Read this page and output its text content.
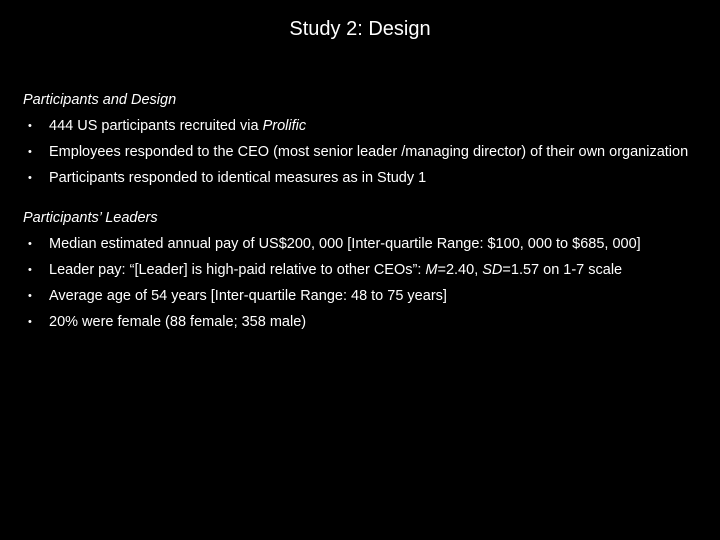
Study 2: Design
Participants and Design
• 444 US participants recruited via Prolific
• Employees responded to the CEO (most senior leader /managing director) of their own organization
• Participants responded to identical measures as in Study 1
Participants’ Leaders
• Median estimated annual pay of US$200, 000 [Inter-quartile Range: $100, 000 to $685, 000]
• Leader pay: “[Leader] is high-paid relative to other CEOs”: M=2.40, SD=1.57 on 1-7 scale
• Average age of 54 years [Inter-quartile Range: 48 to 75 years]
• 20% were female (88 female; 358 male)
